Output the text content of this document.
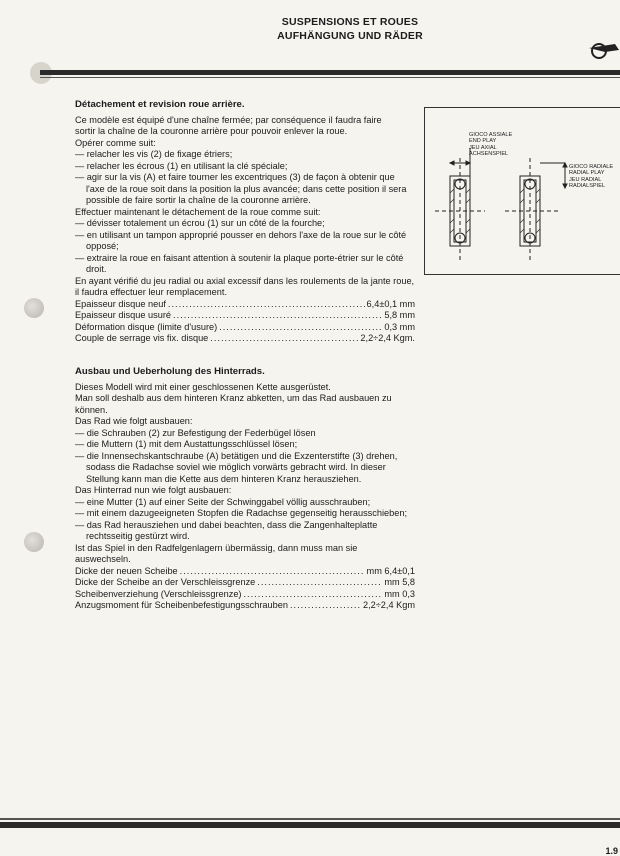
SUSPENSIONS ET ROUES
AUFHÄNGUNG UND RÄDER
Détachement et revision roue arrière.

Ce modèle est équipé d'une chaîne fermée; par conséquence il faudra faire

sortir la chaîne de la couronne arrière pour pouvoir enlever la roue.

Opérer comme suit:

— relacher les vis (2) de fixage étriers;

— relacher les écrous (1) en utilisant la clé spéciale;

— agir sur la vis (A) et faire tourner les excentriques (3) de façon à obtenir que l'axe de la roue soit dans la position la plus avancée; dans cette position il sera possible de faire sortir la chaîne de la couronne arrière.

Effectuer maintenant le détachement de la roue comme suit:

— dévisser totalement un écrou (1) sur un côté de la fourche;

— en utilisant un tampon approprié pousser en dehors l'axe de la roue sur le côté opposé;

— extraire la roue en faisant attention à soutenir la plaque porte-étrier sur le côté droit.

En ayant vérifié du jeu radial ou axial excessif dans les roulements de la jante roue, il faudra effectuer leur remplacement.

Epaisseur disque neuf .....	6,4±0,1 mm
Epaisseur disque usuré .....	5,8 mm
Déformation disque (limite d'usure) .....	0,3 mm
Couple de serrage vis fix. disque .....	2,2÷2,4 Kgm.
Ausbau und Ueberholung des Hinterrads.

Dieses Modell wird mit einer geschlossenen Kette ausgerüstet.

Man soll deshalb aus dem hinteren Kranz abketten, um das Rad ausbauen zu können.

Das Rad wie folgt ausbauen:

— die Schrauben (2) zur Befestigung der Federbügel lösen

— die Muttern (1) mit dem Austattungsschlüssel lösen;

— die Innensechskantschraube (A) betätigen und die Exzenterstifte (3) drehen, sodass die Radachse soviel wie möglich vorwärts gebracht wird. In dieser Stellung kann man die Kette aus dem hinteren Kranz herausziehen.

Das Hinterrad nun wie folgt ausbauen:

— eine Mutter (1) auf einer Seite der Schwinggabel völlig ausschrauben;

— mit einem dazugeeigneten Stopfen die Radachse gegenseitig herausschieben;

— das Rad herausziehen und dabei beachten, dass die Zangenhalteplatte rechtsseitig gestürzt wird.

Ist das Spiel in den Radfelgenlagern übermässig, dann muss man sie auswechseln.

Dicke der neuen Scheibe .....	mm 6,4±0,1
Dicke der Scheibe an der Verschleissgrenze .....	mm 5,8
Scheibenverziehung (Verschleissgrenze) .....	mm 0,3
Anzugsmoment für Scheibenbefestigungsschrauben .....	2,2÷2,4 Kgm
GIOCO ASSIALE
END PLAY
JEU AXIAL
ACHSENSPIEL
GIOCO RADIALE
RADIAL PLAY
JEU RADIAL
RADIALSPIEL
1.9
